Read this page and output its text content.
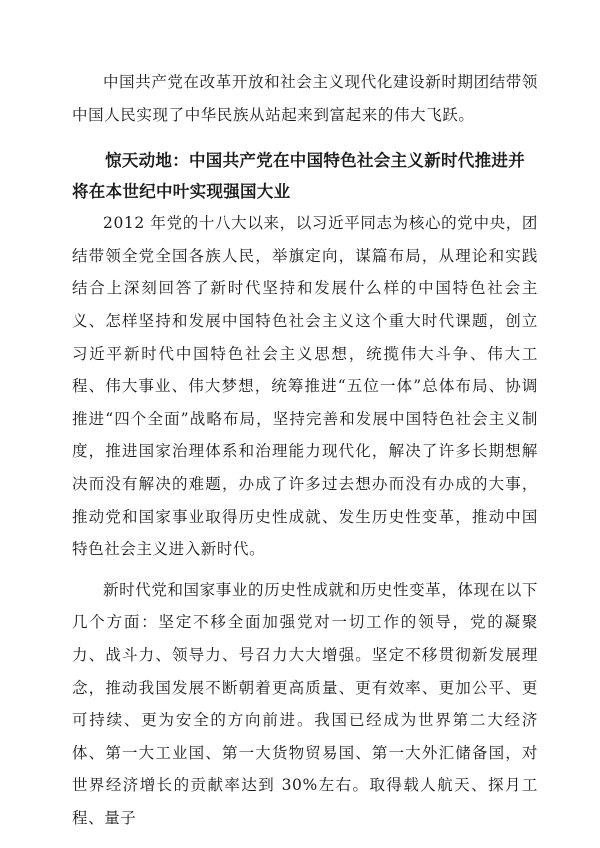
中国共产党在改革开放和社会主义现代化建设新时期团结带领中国人民实现了中华民族从站起来到富起来的伟大飞跃。

惊天动地：中国共产党在中国特色社会主义新时代推进并将在本世纪中叶实现强国大业

2012 年党的十八大以来，以习近平同志为核心的党中央，团结带领全党全国各族人民，举旗定向，谋篇布局，从理论和实践结合上深刻回答了新时代坚持和发展什么样的中国特色社会主义、怎样坚持和发展中国特色社会主义这个重大时代课题，创立习近平新时代中国特色社会主义思想，统揽伟大斗争、伟大工程、伟大事业、伟大梦想，统筹推进“五位一体”总体布局、协调推进“四个全面”战略布局，坚持完善和发展中国特色社会主义制度，推进国家治理体系和治理能力现代化，解决了许多长期想解决而没有解决的难题，办成了许多过去想办而没有办成的大事，推动党和国家事业取得历史性成就、发生历史性变革，推动中国特色社会主义进入新时代。

新时代党和国家事业的历史性成就和历史性变革，体现在以下几个方面：坚定不移全面加强党对一切工作的领导，党的凝聚力、战斗力、领导力、号召力大大增强。坚定不移贯彻新发展理念，推动我国发展不断朝着更高质量、更有效率、更加公平、更可持续、更为安全的方向前进。我国已经成为世界第二大经济体、第一大工业国、第一大货物贸易国、第一大外汇储备国，对世界经济增长的贡献率达到 30%左右。取得载人航天、探月工程、量子
